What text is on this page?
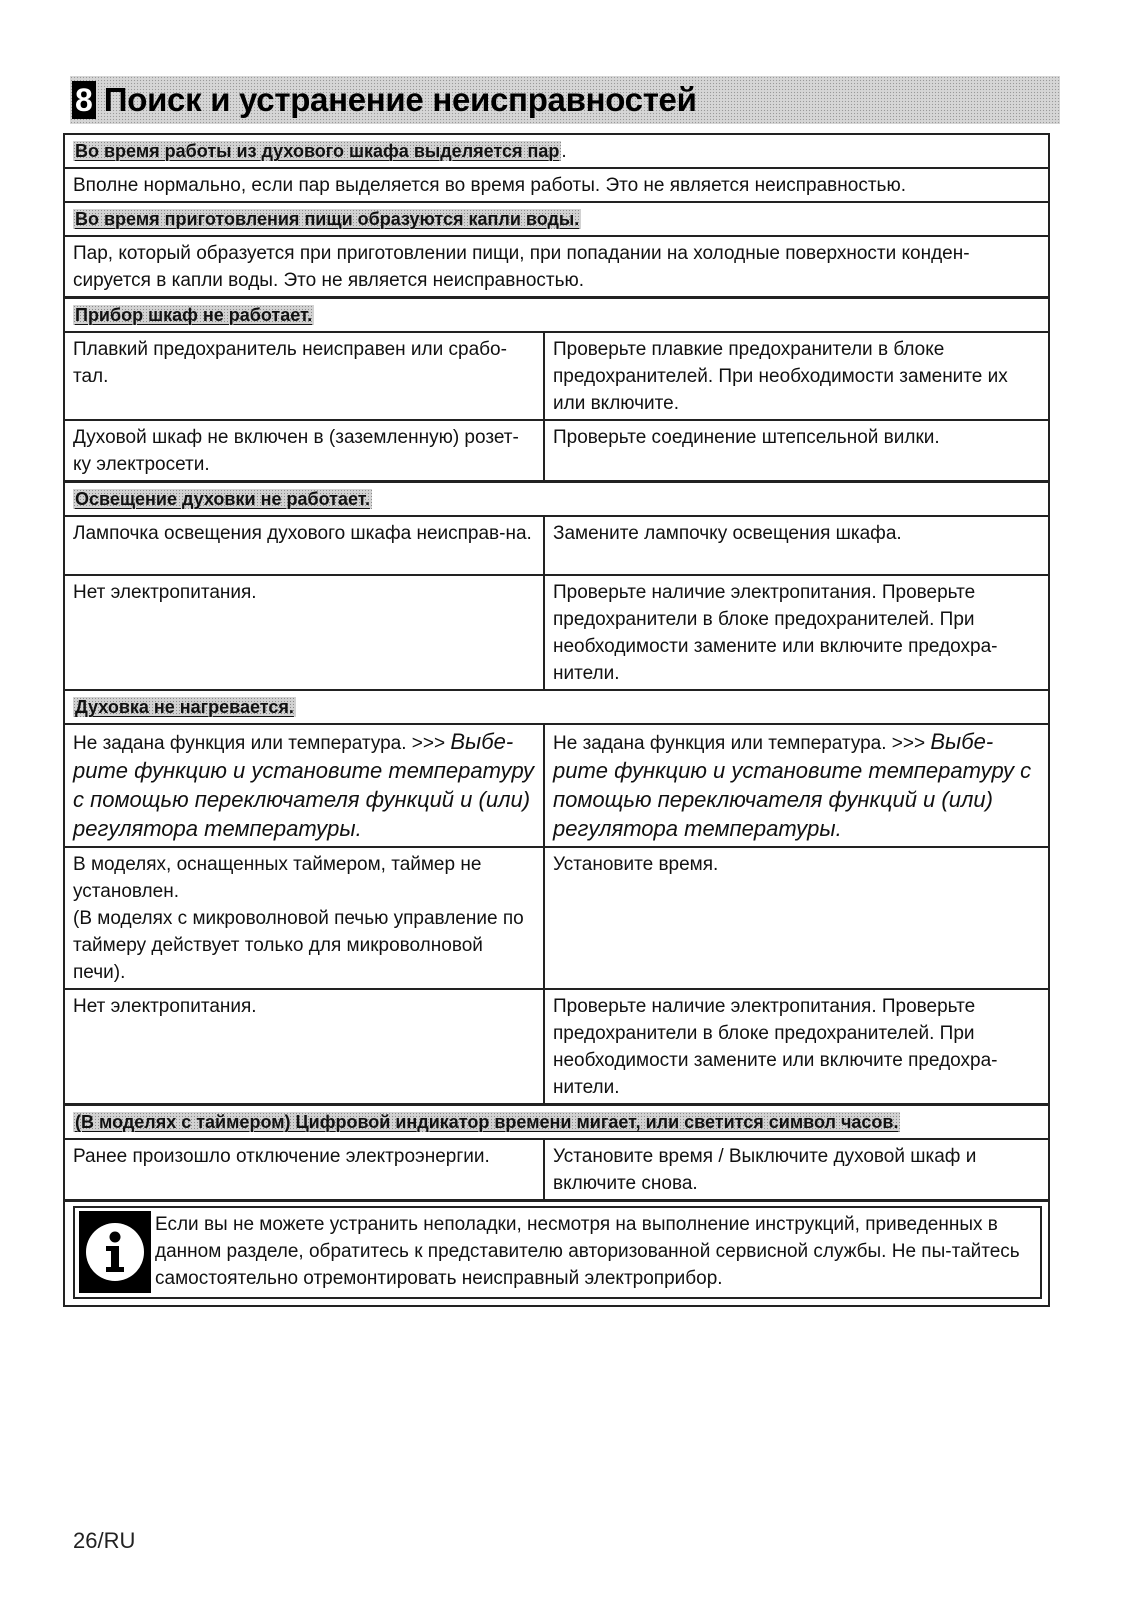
8 Поиск и устранение неисправностей
Во время работы из духового шкафа выделяется пар .	
Вполне нормально, если пар выделяется во время работы. Это не является неисправностью.	
Во время приготовления пищи образуются капли воды.	
Пар, который образуется при приготовлении пищи, при попадании на холодные поверхности конден-сируется в капли воды. Это не является неисправностью.	
Прибор шкаф не работает.	
Плавкий предохранитель неисправен или срабо-тал.	Проверьте плавкие предохранители в блоке предохранителей. При необходимости замените их или включите.
Духовой шкаф не включен в (заземленную) розет-ку электросети.	Проверьте соединение штепсельной вилки.
Освещение духовки не работает.	
Лампочка освещения духового шкафа неисправ-на.	Замените лампочку освещения шкафа.
Нет электропитания.	Проверьте наличие электропитания. Проверьте предохранители в блоке предохранителей. При необходимости замените или включите предохра-нители.
Духовка не нагревается.	
Не задана функция или температура. >>> Выбе-рите функцию и установите температуру с помощью переключателя функций и (или) регулятора температуры.	Не задана функция или температура. >>> Выбе-рите функцию и установите температуру с помощью переключателя функций и (или) регулятора температуры.

В моделях, оснащенных таймером, таймер не установлен.
(В моделях с микроволновой печью управление по таймеру действует только для микроволновой печи).	Установите время.
Нет электропитания.	Проверьте наличие электропитания. Проверьте предохранители в блоке предохранителей. При необходимости замените или включите предохра-нители.
(В моделях с таймером) Цифровой индикатор времени мигает, или светится символ часов.	
Ранее произошло отключение электроэнергии.	Установите время / Выключите духовой шкаф и включите снова.

Если вы не можете устранить неполадки, несмотря на выполнение инструкций, приведенных в данном разделе, обратитесь к представителю авторизованной сервисной службы. Не пы-тайтесь самостоятельно отремонтировать неисправный электроприбор.	
26/RU
